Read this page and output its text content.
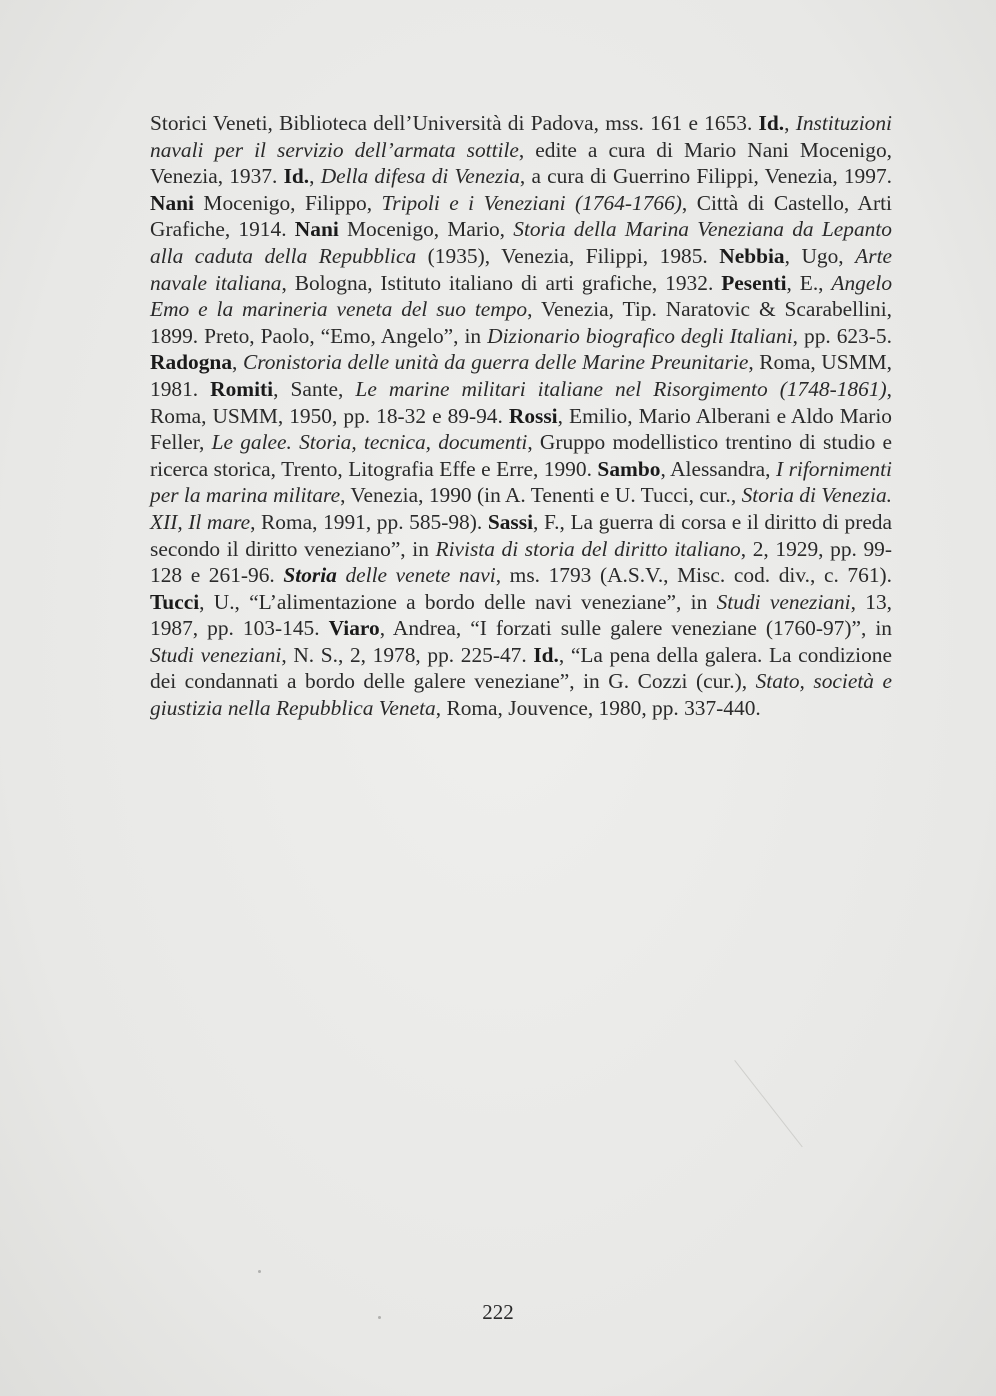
Storici Veneti, Biblioteca dell’Università di Padova, mss. 161 e 1653. Id., Instituzioni navali per il servizio dell’armata sottile, edite a cura di Mario Nani Mocenigo, Venezia, 1937. Id., Della difesa di Venezia, a cura di Guerrino Filippi, Venezia, 1997. Nani Mocenigo, Filippo, Tripoli e i Veneziani (1764-1766), Città di Castello, Arti Grafiche, 1914. Nani Mocenigo, Mario, Storia della Marina Veneziana da Lepanto alla caduta della Repubblica (1935), Venezia, Filippi, 1985. Nebbia, Ugo, Arte navale italiana, Bologna, Istituto italiano di arti grafiche, 1932. Pesenti, E., Angelo Emo e la marineria veneta del suo tempo, Venezia, Tip. Naratovic & Scarabellini, 1899. Preto, Paolo, “Emo, Angelo”, in Dizionario biografico degli Italiani, pp. 623-5. Radogna, Cronistoria delle unità da guerra delle Marine Preunitarie, Roma, USMM, 1981. Romiti, Sante, Le marine militari italiane nel Risorgimento (1748-1861), Roma, USMM, 1950, pp. 18-32 e 89-94. Rossi, Emilio, Mario Alberani e Aldo Mario Feller, Le galee. Storia, tecnica, documenti, Gruppo modellistico trentino di studio e ricerca storica, Trento, Litografia Effe e Erre, 1990. Sambo, Alessandra, I rifornimenti per la marina militare, Venezia, 1990 (in A. Tenenti e U. Tucci, cur., Storia di Venezia. XII, Il mare, Roma, 1991, pp. 585-98). Sassi, F., La guerra di corsa e il diritto di preda secondo il diritto veneziano”, in Rivista di storia del diritto italiano, 2, 1929, pp. 99-128 e 261-96. Storia delle venete navi, ms. 1793 (A.S.V., Misc. cod. div., c. 761). Tucci, U., “L’alimentazione a bordo delle navi veneziane”, in Studi veneziani, 13, 1987, pp. 103-145. Viaro, Andrea, “I forzati sulle galere veneziane (1760-97)”, in Studi veneziani, N. S., 2, 1978, pp. 225-47. Id., “La pena della galera. La condizione dei condannati a bordo delle galere veneziane”, in G. Cozzi (cur.), Stato, società e giustizia nella Repubblica Veneta, Roma, Jouvence, 1980, pp. 337-440.
222
